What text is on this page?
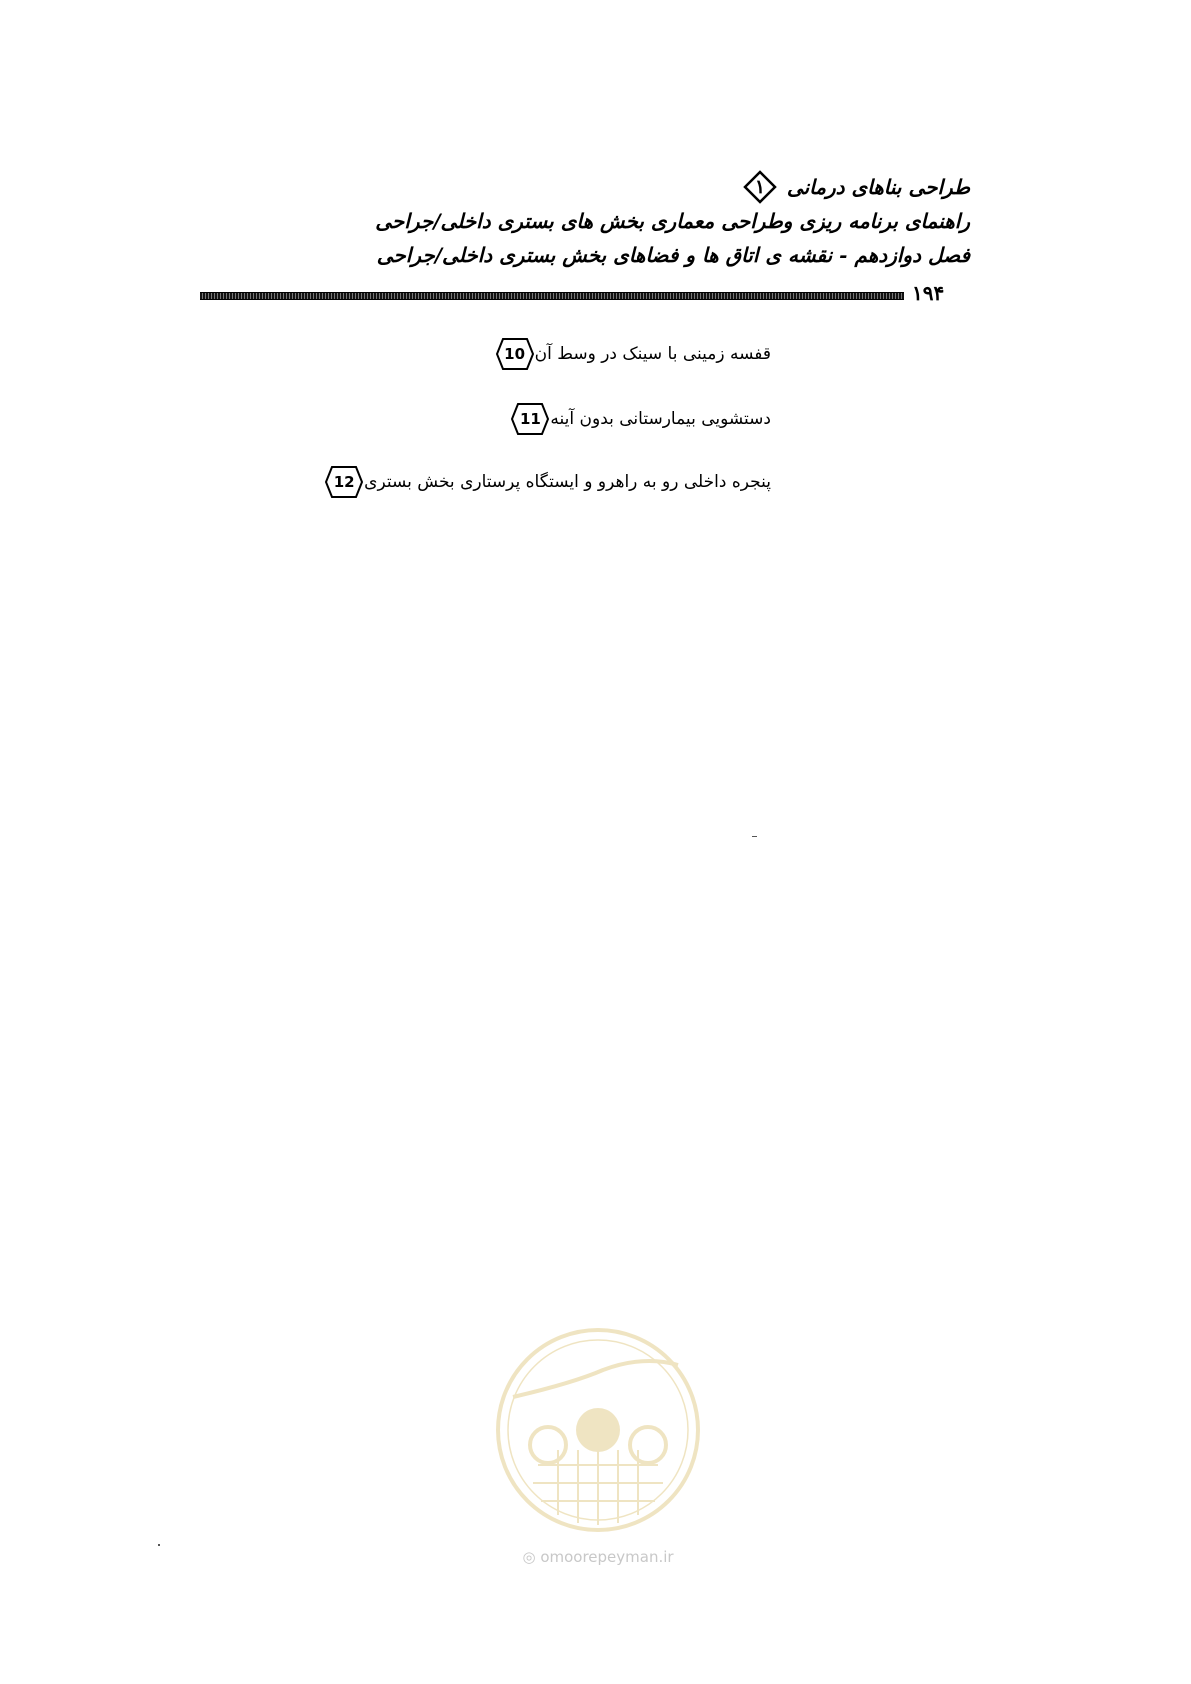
طراحی بناهای درمانی
۱
راهنمای برنامه ریزی وطراحی معماری بخش های بستری داخلی/جراحی
فصل دوازدهم - نقشه ی اتاق ها و فضاهای بخش بستری داخلی/جراحی
۱۹۴
10 قفسه زمینی با سینک در وسط آن
11 دستشویی بیمارستانی بدون آینه
12 پنجره داخلی رو به راهرو و ایستگاه پرستاری بخش بستری
◎ omoorepeyman.ir
